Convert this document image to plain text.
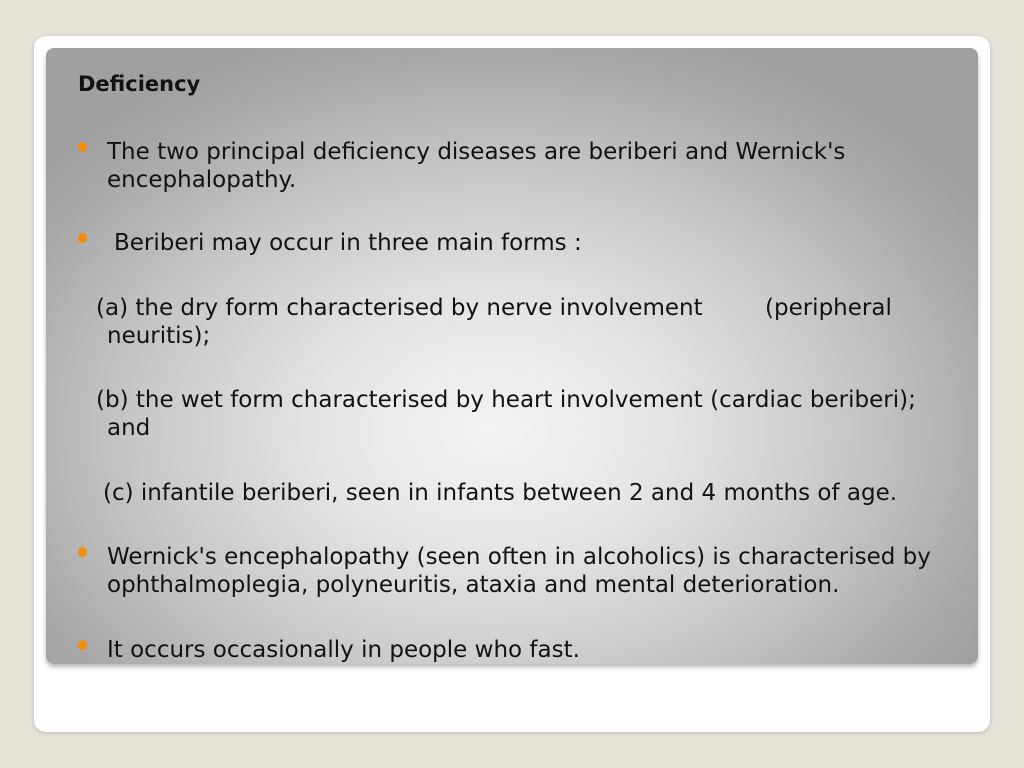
Deficiency
The two principal deficiency diseases are beriberi and Wernick's
encephalopathy.
Beriberi may occur in three main forms :
(a) the dry form characterised by nerve involvement	(peripheral
neuritis);
(b) the wet form characterised by heart involvement (cardiac beriberi);
and
(c) infantile beriberi, seen in infants between 2 and 4 months of age.
Wernick's encephalopathy (seen often in alcoholics) is characterised by
ophthalmoplegia, polyneuritis, ataxia and mental deterioration.
It occurs occasionally in people who fast.
